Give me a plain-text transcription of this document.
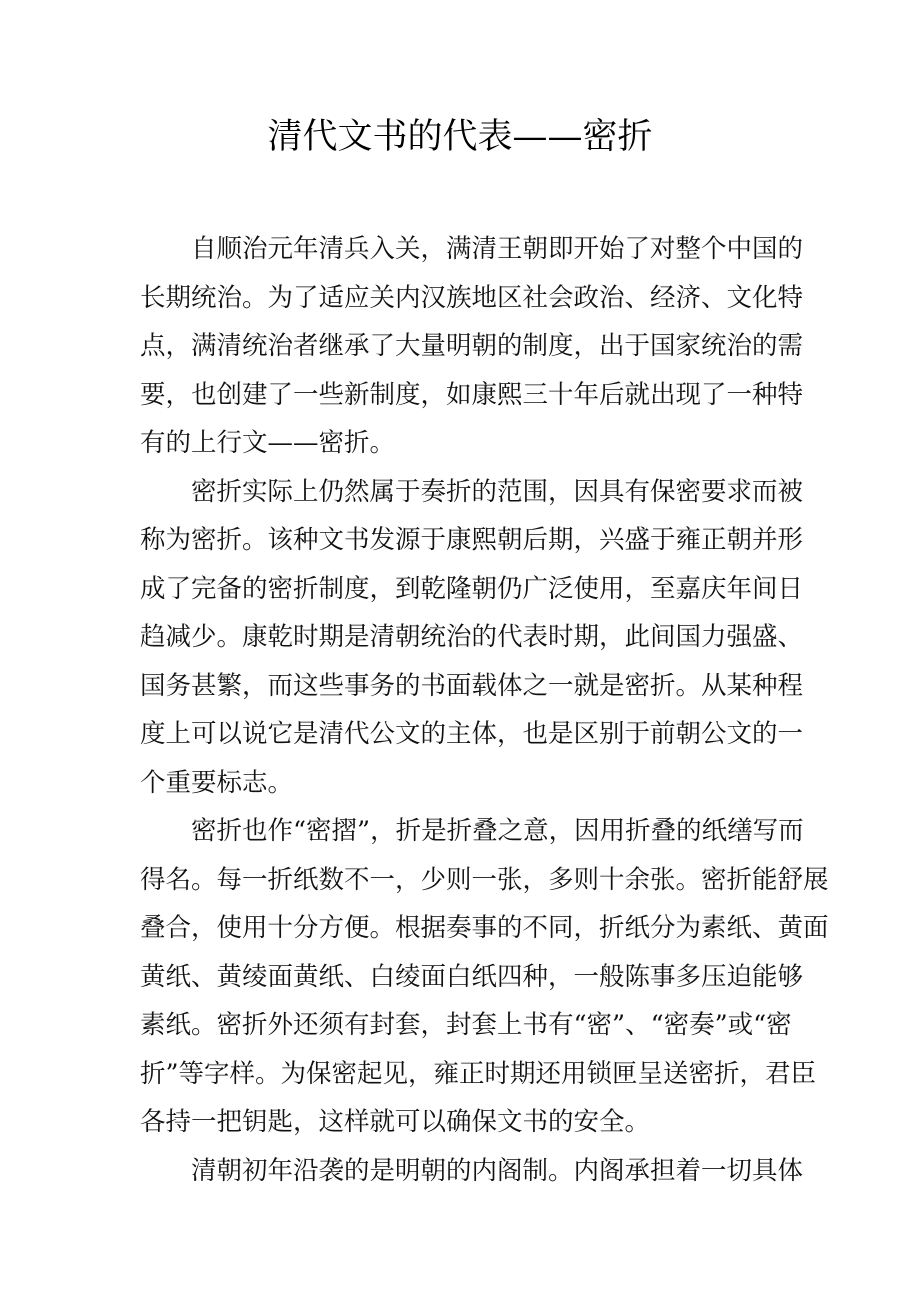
清代文书的代表——密折

自顺治元年清兵入关，满清王朝即开始了对整个中国的
长期统治。为了适应关内汉族地区社会政治、经济、文化特
点，满清统治者继承了大量明朝的制度，出于国家统治的需
要，也创建了一些新制度，如康熙三十年后就出现了一种特
有的上行文——密折。

密折实际上仍然属于奏折的范围，因具有保密要求而被
称为密折。该种文书发源于康熙朝后期，兴盛于雍正朝并形
成了完备的密折制度，到乾隆朝仍广泛使用，至嘉庆年间日
趋减少。康乾时期是清朝统治的代表时期，此间国力强盛、
国务甚繁，而这些事务的书面载体之一就是密折。从某种程
度上可以说它是清代公文的主体，也是区别于前朝公文的一
个重要标志。

密折也作“密摺”，折是折叠之意，因用折叠的纸缮写而
得名。每一折纸数不一，少则一张，多则十余张。密折能舒展
叠合，使用十分方便。根据奏事的不同，折纸分为素纸、黄面
黄纸、黄绫面黄纸、白绫面白纸四种，一般陈事多压迫能够
素纸。密折外还须有封套，封套上书有“密”、“密奏”或“密
折”等字样。为保密起见，雍正时期还用锁匣呈送密折，君臣
各持一把钥匙，这样就可以确保文书的安全。

清朝初年沿袭的是明朝的内阁制。内阁承担着一切具体
